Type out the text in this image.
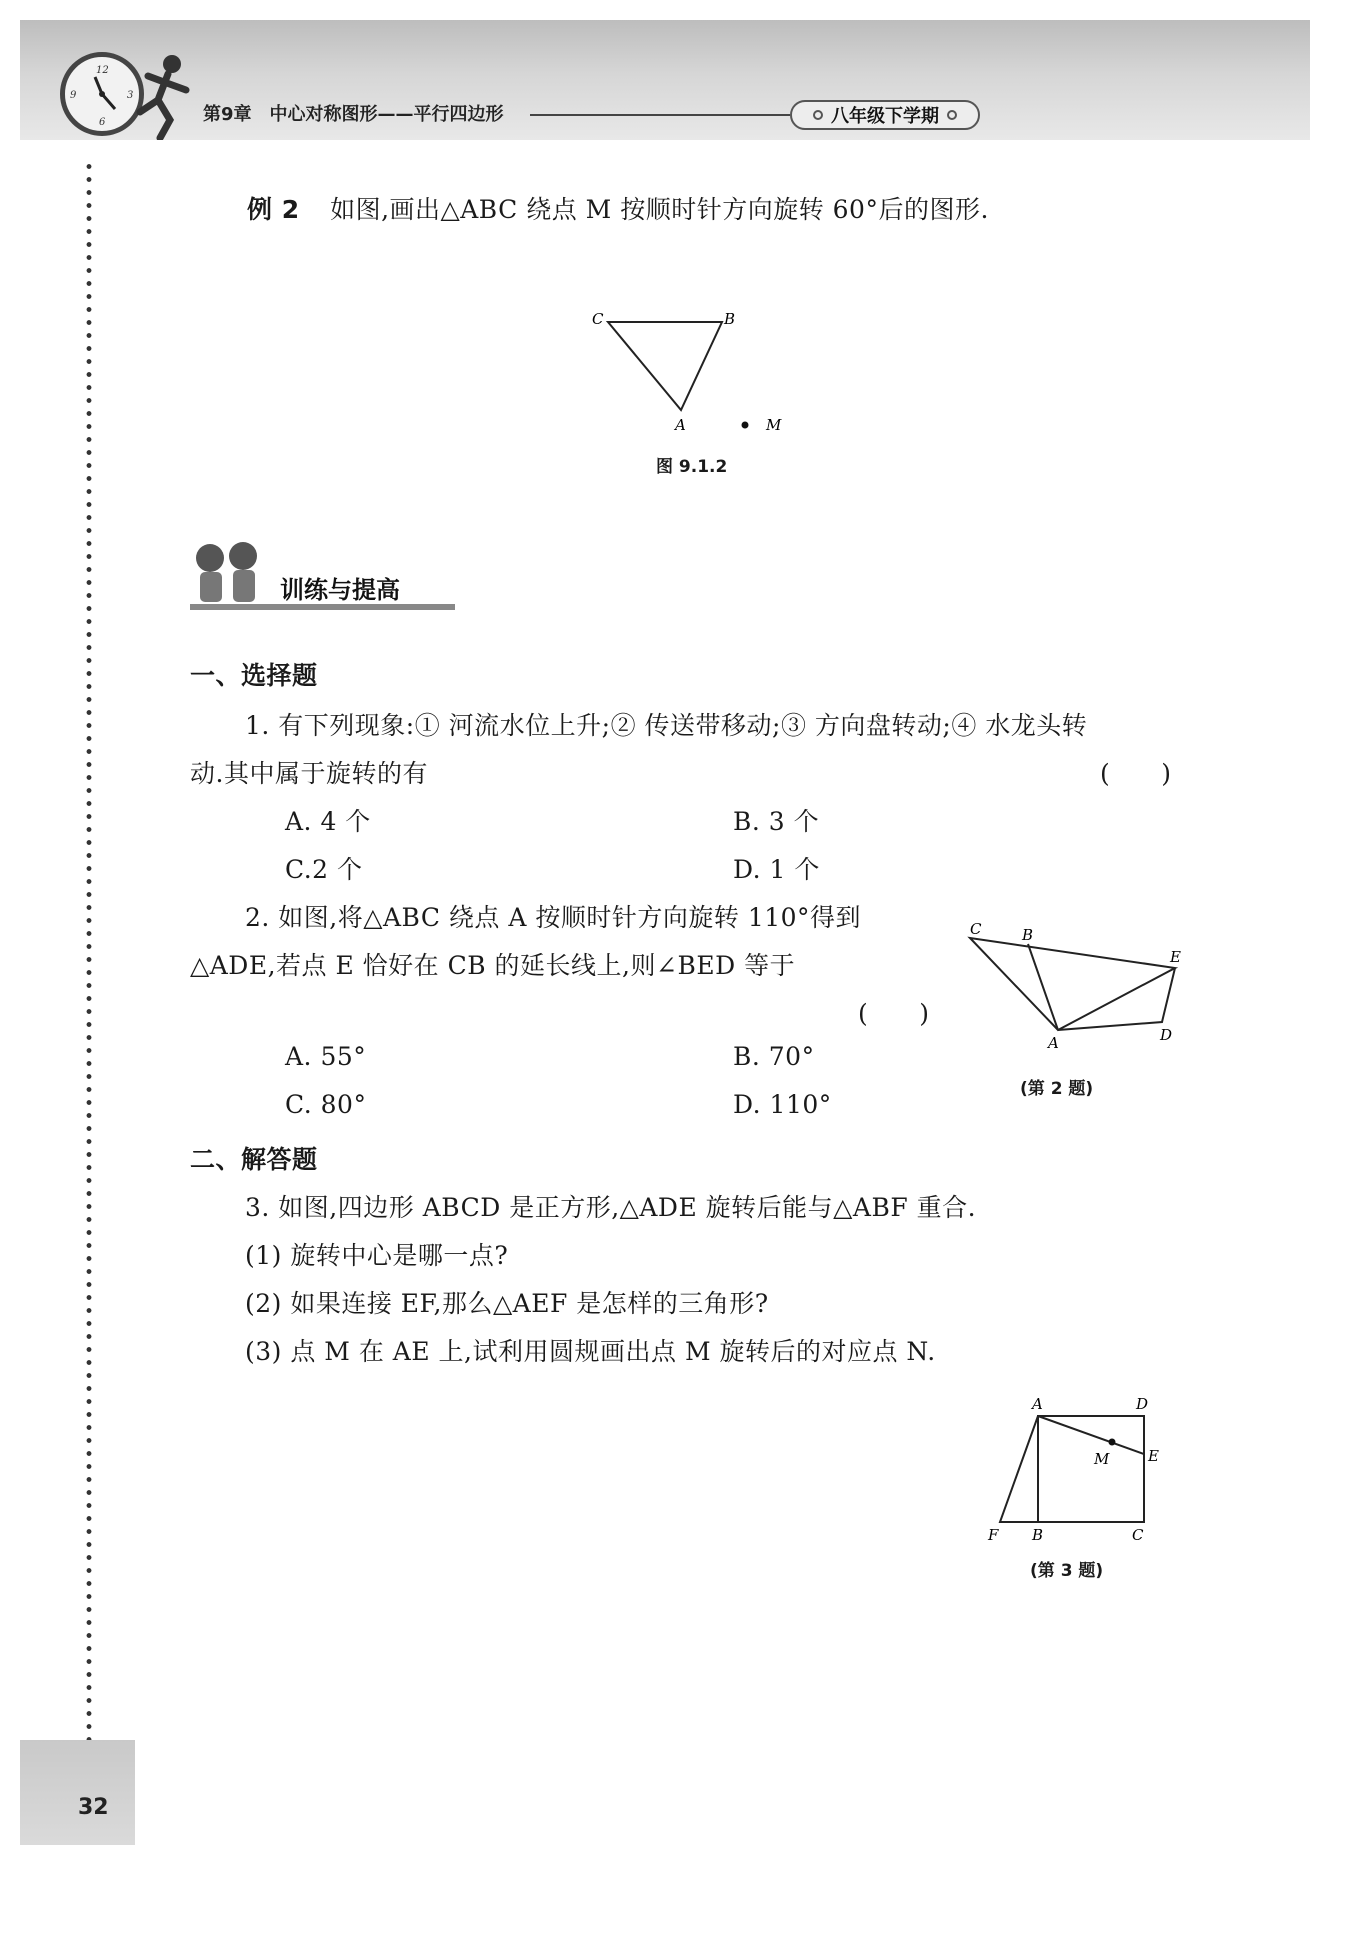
12
3
6
9
第9章　中心对称图形——平行四边形	八年级下学期
例 2 如图,画出△ABC 绕点 M 按顺时针方向旋转 60°后的图形.
C	B
A	M
图 9.1.2
训练与提高
一、选择题
1. 有下列现象:① 河流水位上升;② 传送带移动;③ 方向盘转动;④ 水龙头转
动.其中属于旋转的有	(　　)
A. 4 个	B. 3 个
C.2 个	D. 1 个
2. 如图,将△ABC 绕点 A 按顺时针方向旋转 110°得到
△ADE,若点 E 恰好在 CB 的延长线上,则∠BED 等于
(　　)
A. 55°	B. 70°
C. 80°	D. 110°
C	B
E
A	D
(第 2 题)
二、解答题
3. 如图,四边形 ABCD 是正方形,△ADE 旋转后能与△ABF 重合.
(1) 旋转中心是哪一点?
(2) 如果连接 EF,那么△AEF 是怎样的三角形?
(3) 点 M 在 AE 上,试利用圆规画出点 M 旋转后的对应点 N.
A	D
M	E
F B	C
(第 3 题)
32
